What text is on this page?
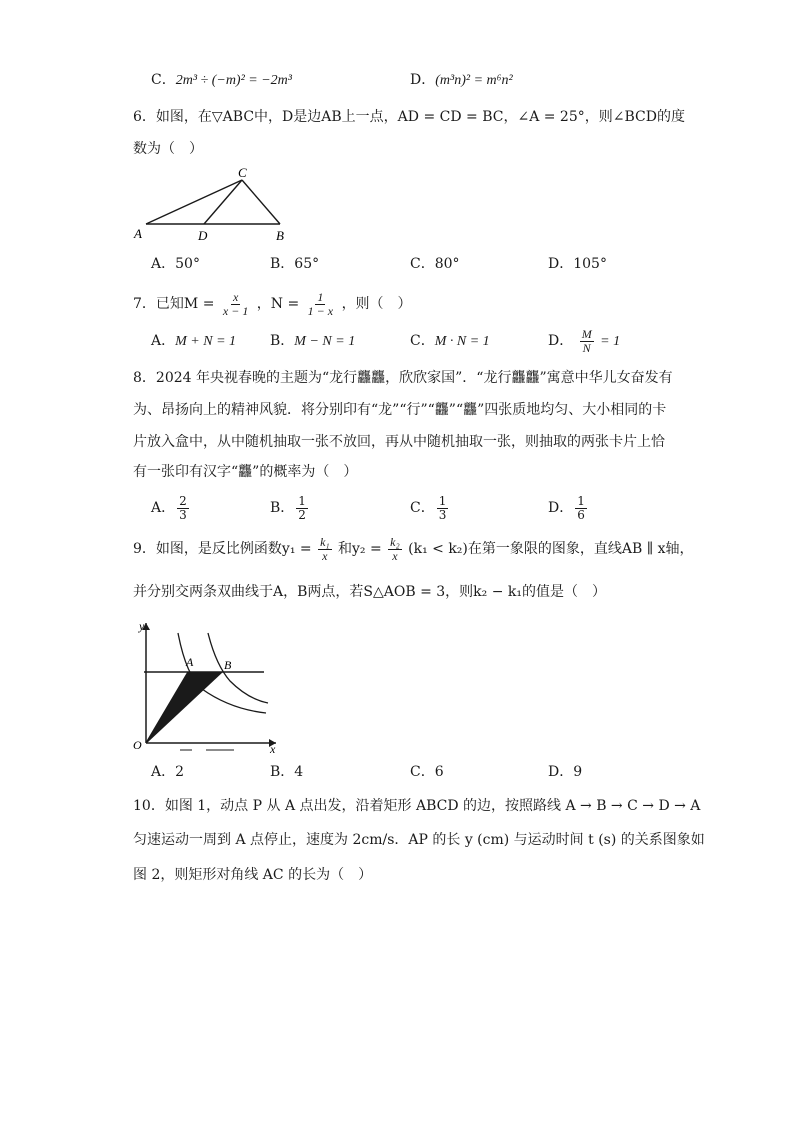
C．2m³ ÷ (−m)² = −2m³	D．(m³n)² = m⁶n²
6．如图，在▽ABC中，D是边AB上一点，AD = CD = BC，∠A = 25°，则∠BCD的度
数为（　）
A	D	B
C
A．50°	B．65°	C．80°	D．105°
7．已知$M = \frac{x}{x - 1}$ ，$N = \frac{1}{1 - x}$ ，则（　）
A．M + N = 1 B．M − N = 1	C．M · N = 1	D． $\frac{M}{N} = 1$
8．2024 年央视春晚的主题为“龙行龘龘，欣欣家国”．“龙行龘龘”寓意中华儿女奋发有
为、昂扬向上的精神风貌．将分别印有“龙”“行”“龘”“龘”四张质地均匀、大小相同的卡
片放入盒中，从中随机抽取一张不放回，再从中随机抽取一张，则抽取的两张卡片上恰
有一张印有汉字“龘”的概率为（　）
A． $\frac{2}{3}$	B． $\frac{1}{2}$	C． $\frac{1}{3}$	D． $\frac{1}{6}$
9．如图，是反比例函数$y_1 = \frac{\text{k₁}}{x}$ 和$y_2 = \frac{\text{k₂}}{x} (k_1 < k_2)$在第一象限的图象，直线AB ∥ x轴，
并分别交两条双曲线于A，B两点，若S△AOB = 3，则k₂ − k₁的值是（　）
y
x
O
A	B
A．2	B．4	C．6	D．9
10．如图 1，动点 P 从 A 点出发，沿着矩形 ABCD 的边，按照路线 A → B → C → D → A
匀速运动一周到 A 点停止，速度为 2cm/s．AP 的长 y (cm) 与运动时间 t (s) 的关系图象如
图 2，则矩形对角线 AC 的长为（　）
